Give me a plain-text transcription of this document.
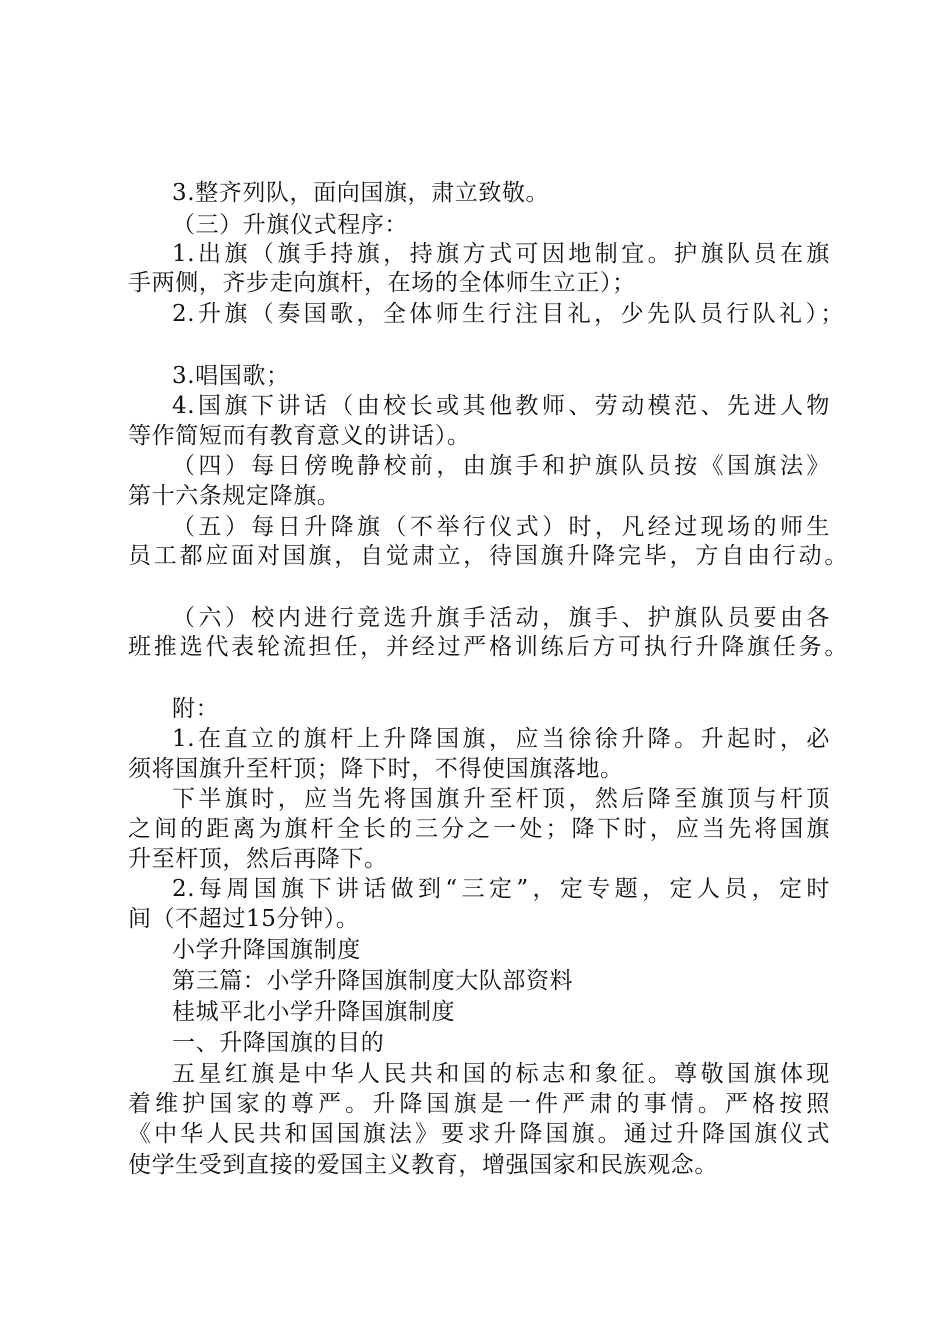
3.整齐列队，面向国旗，肃立致敬。
（三）升旗仪式程序：
1.出旗（旗手持旗，持旗方式可因地制宜。护旗队员在旗
手两侧，齐步走向旗杆，在场的全体师生立正）；
2.升旗（奏国歌，全体师生行注目礼，少先队员行队礼）；
3.唱国歌；
4.国旗下讲话（由校长或其他教师、劳动模范、先进人物
等作简短而有教育意义的讲话）。
（四）每日傍晚静校前，由旗手和护旗队员按《国旗法》
第十六条规定降旗。
（五）每日升降旗（不举行仪式）时，凡经过现场的师生
员工都应面对国旗，自觉肃立，待国旗升降完毕，方自由行动。
（六）校内进行竞选升旗手活动，旗手、护旗队员要由各
班推选代表轮流担任，并经过严格训练后方可执行升降旗任务。
附：
1.在直立的旗杆上升降国旗，应当徐徐升降。升起时，必
须将国旗升至杆顶；降下时，不得使国旗落地。
下半旗时，应当先将国旗升至杆顶，然后降至旗顶与杆顶
之间的距离为旗杆全长的三分之一处；降下时，应当先将国旗
升至杆顶，然后再降下。
2.每周国旗下讲话做到“三定”，定专题，定人员，定时
间（不超过15分钟）。
小学升降国旗制度
第三篇：小学升降国旗制度大队部资料
桂城平北小学升降国旗制度
一、升降国旗的目的
五星红旗是中华人民共和国的标志和象征。尊敬国旗体现
着维护国家的尊严。升降国旗是一件严肃的事情。严格按照
《中华人民共和国国旗法》要求升降国旗。通过升降国旗仪式
使学生受到直接的爱国主义教育，增强国家和民族观念。
